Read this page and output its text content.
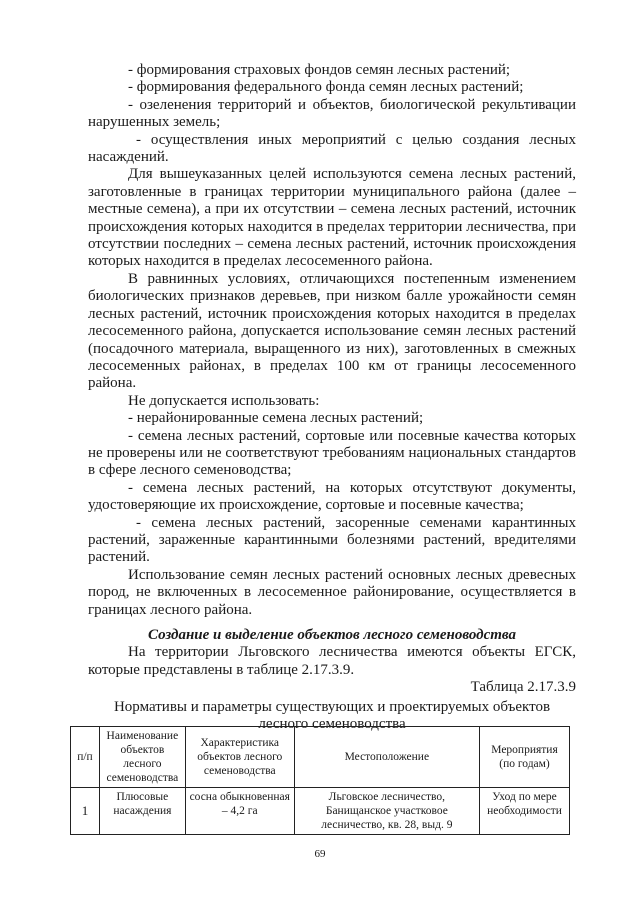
- формирования страховых фондов семян лесных растений;

- формирования федерального фонда семян лесных растений;

- озеленения территорий и объектов, биологической рекультивации нарушенных земель;

- осуществления иных мероприятий с целью создания лесных насаждений.

Для вышеуказанных целей используются семена лесных растений, заготовленные в границах территории муниципального района (далее – местные семена), а при их отсутствии – семена лесных растений, источник происхождения которых находится в пределах территории лесничества, при отсутствии последних – семена лесных растений, источник происхождения которых находится в пределах лесосеменного района.

В равнинных условиях, отличающихся постепенным изменением биологических признаков деревьев, при низком балле урожайности семян лесных растений, источник происхождения которых находится в пределах лесосеменного района, допускается использование семян лесных растений (посадочного материала, выращенного из них), заготовленных в смежных лесосеменных районах, в пределах 100 км от границы лесосеменного района.

Не допускается использовать:

- нерайонированные семена лесных растений;

- семена лесных растений, сортовые или посевные качества которых не проверены или не соответствуют требованиям национальных стандартов в сфере лесного семеноводства;

- семена лесных растений, на которых отсутствуют документы, удостоверяющие их происхождение, сортовые и посевные качества;

- семена лесных растений, засоренные семенами карантинных растений, зараженные карантинными болезнями растений, вредителями растений.

Использование семян лесных растений основных лесных древесных пород, не включенных в лесосеменное районирование, осуществляется в границах лесного района.

Создание и выделение объектов лесного семеноводства

На территории Льговского лесничества имеются объекты ЕГСК, которые представлены в таблице 2.17.3.9.

Таблица 2.17.3.9

Нормативы и параметры существующих и проектируемых объектов лесного семеноводства

п/п	Наименование объектов лесного семеноводства	Характеристика объектов лесного семеноводства	Местоположение	Мероприятия (по годам)
1	Плюсовые насаждения	сосна обыкновенная – 4,2 га	Льговское лесничество, Банищанское участковое лесничество, кв. 28, выд. 9	Уход по мере необходимости
69
